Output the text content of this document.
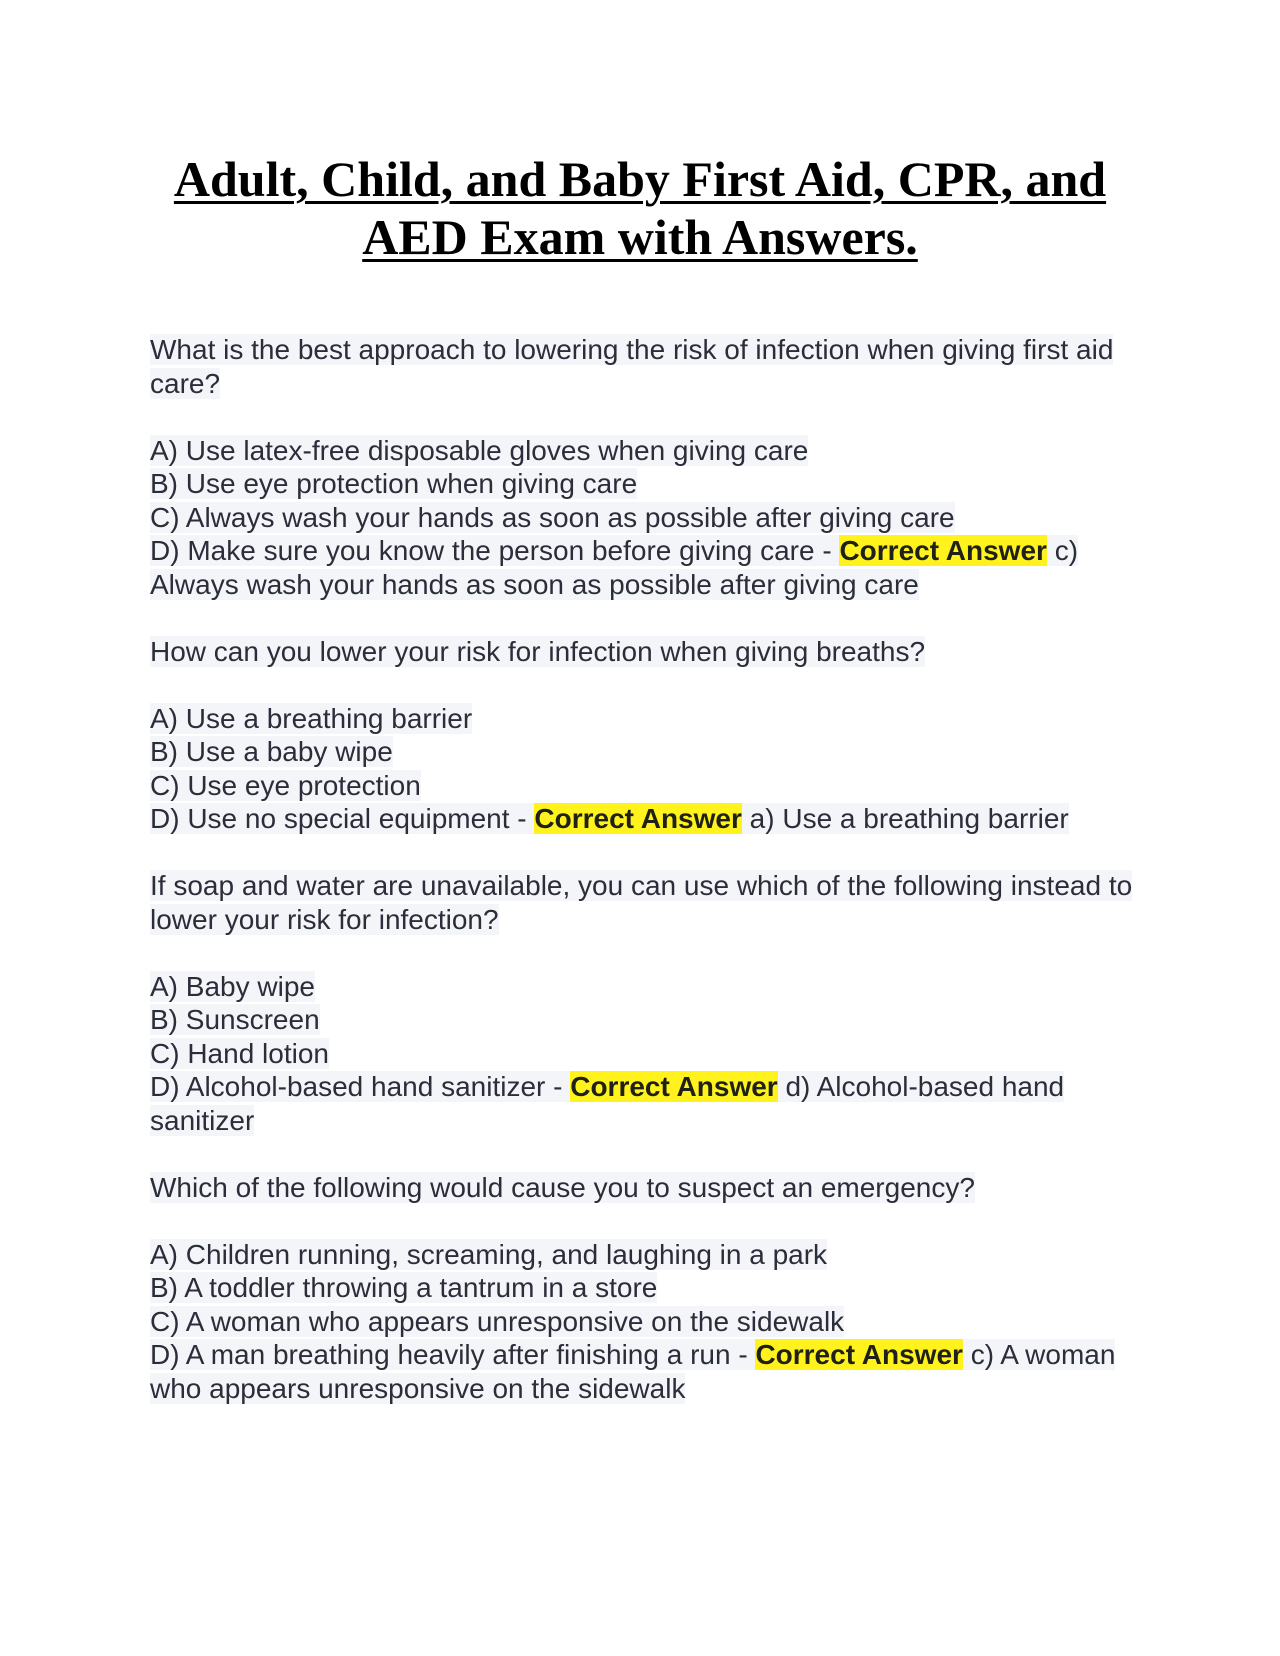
Adult, Child, and Baby First Aid, CPR, and AED Exam with Answers.

What is the best approach to lowering the risk of infection when giving first aid care?

A) Use latex-free disposable gloves when giving care
B) Use eye protection when giving care
C) Always wash your hands as soon as possible after giving care
D) Make sure you know the person before giving care - Correct Answer c) Always wash your hands as soon as possible after giving care

How can you lower your risk for infection when giving breaths?

A) Use a breathing barrier
B) Use a baby wipe
C) Use eye protection
D) Use no special equipment - Correct Answer a) Use a breathing barrier

If soap and water are unavailable, you can use which of the following instead to lower your risk for infection?

A) Baby wipe
B) Sunscreen
C) Hand lotion
D) Alcohol-based hand sanitizer - Correct Answer d) Alcohol-based hand sanitizer

Which of the following would cause you to suspect an emergency?

A) Children running, screaming, and laughing in a park
B) A toddler throwing a tantrum in a store
C) A woman who appears unresponsive on the sidewalk
D) A man breathing heavily after finishing a run - Correct Answer c) A woman who appears unresponsive on the sidewalk
